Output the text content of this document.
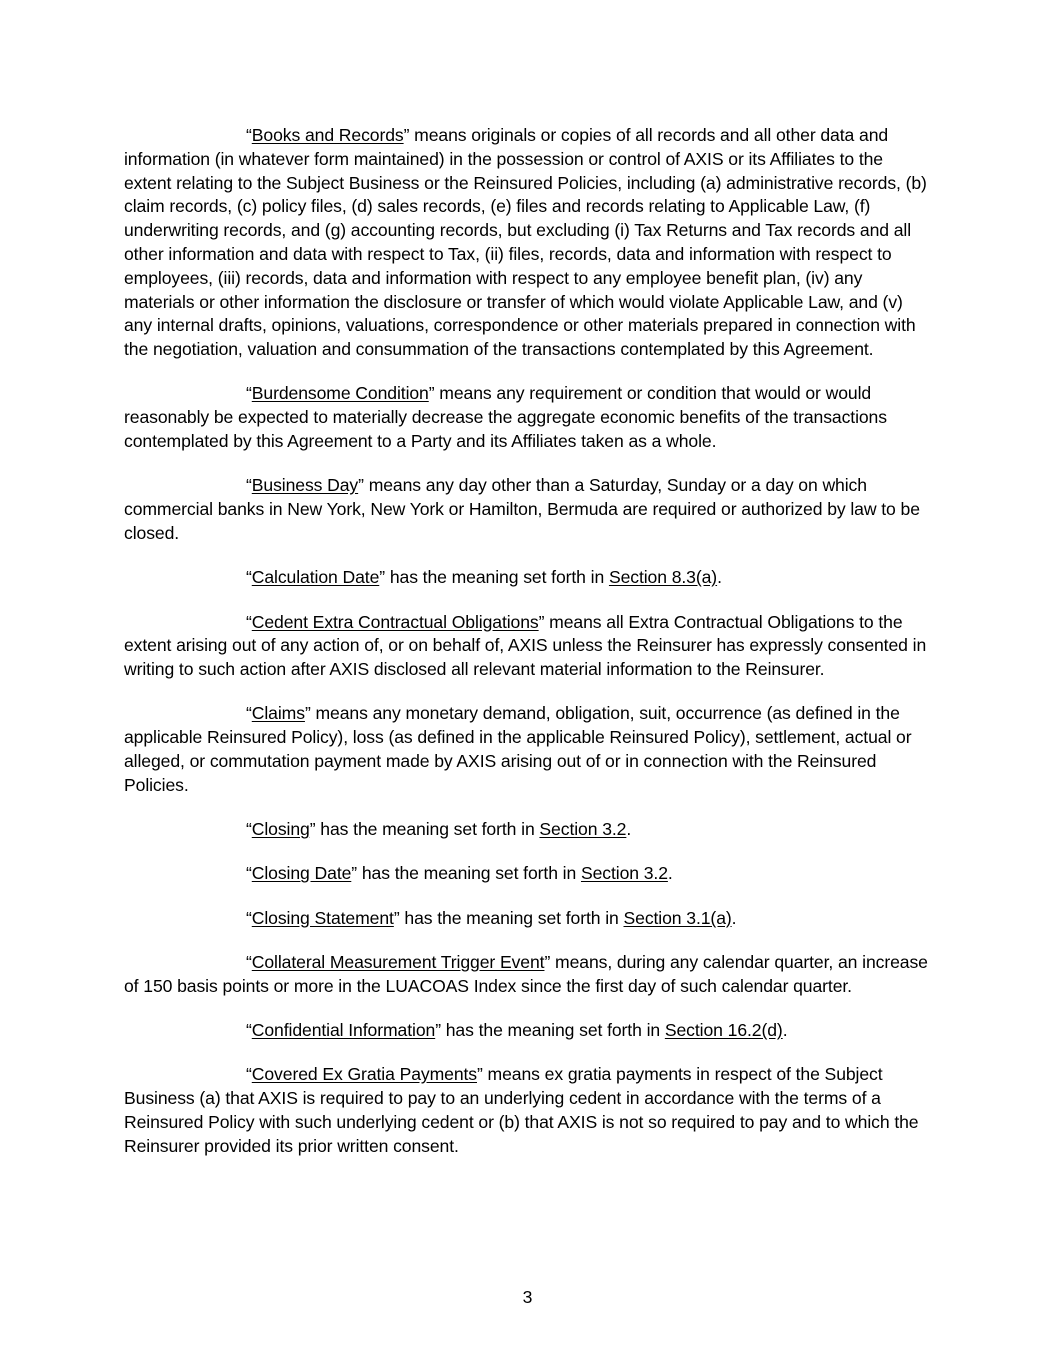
“Books and Records” means originals or copies of all records and all other data and information (in whatever form maintained) in the possession or control of AXIS or its Affiliates to the extent relating to the Subject Business or the Reinsured Policies, including (a) administrative records, (b) claim records, (c) policy files, (d) sales records, (e) files and records relating to Applicable Law, (f) underwriting records, and (g) accounting records, but excluding (i) Tax Returns and Tax records and all other information and data with respect to Tax, (ii) files, records, data and information with respect to employees, (iii) records, data and information with respect to any employee benefit plan, (iv) any materials or other information the disclosure or transfer of which would violate Applicable Law, and (v) any internal drafts, opinions, valuations, correspondence or other materials prepared in connection with the negotiation, valuation and consummation of the transactions contemplated by this Agreement.

“Burdensome Condition” means any requirement or condition that would or would reasonably be expected to materially decrease the aggregate economic benefits of the transactions contemplated by this Agreement to a Party and its Affiliates taken as a whole.

“Business Day” means any day other than a Saturday, Sunday or a day on which commercial banks in New York, New York or Hamilton, Bermuda are required or authorized by law to be closed.

“Calculation Date” has the meaning set forth in Section 8.3(a).

“Cedent Extra Contractual Obligations” means all Extra Contractual Obligations to the extent arising out of any action of, or on behalf of, AXIS unless the Reinsurer has expressly consented in writing to such action after AXIS disclosed all relevant material information to the Reinsurer.

“Claims” means any monetary demand, obligation, suit, occurrence (as defined in the applicable Reinsured Policy), loss (as defined in the applicable Reinsured Policy), settlement, actual or alleged, or commutation payment made by AXIS arising out of or in connection with the Reinsured Policies.

“Closing” has the meaning set forth in Section 3.2.

“Closing Date” has the meaning set forth in Section 3.2.

“Closing Statement” has the meaning set forth in Section 3.1(a).

“Collateral Measurement Trigger Event” means, during any calendar quarter, an increase of 150 basis points or more in the LUACOAS Index since the first day of such calendar quarter.

“Confidential Information” has the meaning set forth in Section 16.2(d).

“Covered Ex Gratia Payments” means ex gratia payments in respect of the Subject Business (a) that AXIS is required to pay to an underlying cedent in accordance with the terms of a Reinsured Policy with such underlying cedent or (b) that AXIS is not so required to pay and to which the Reinsurer provided its prior written consent.

3
